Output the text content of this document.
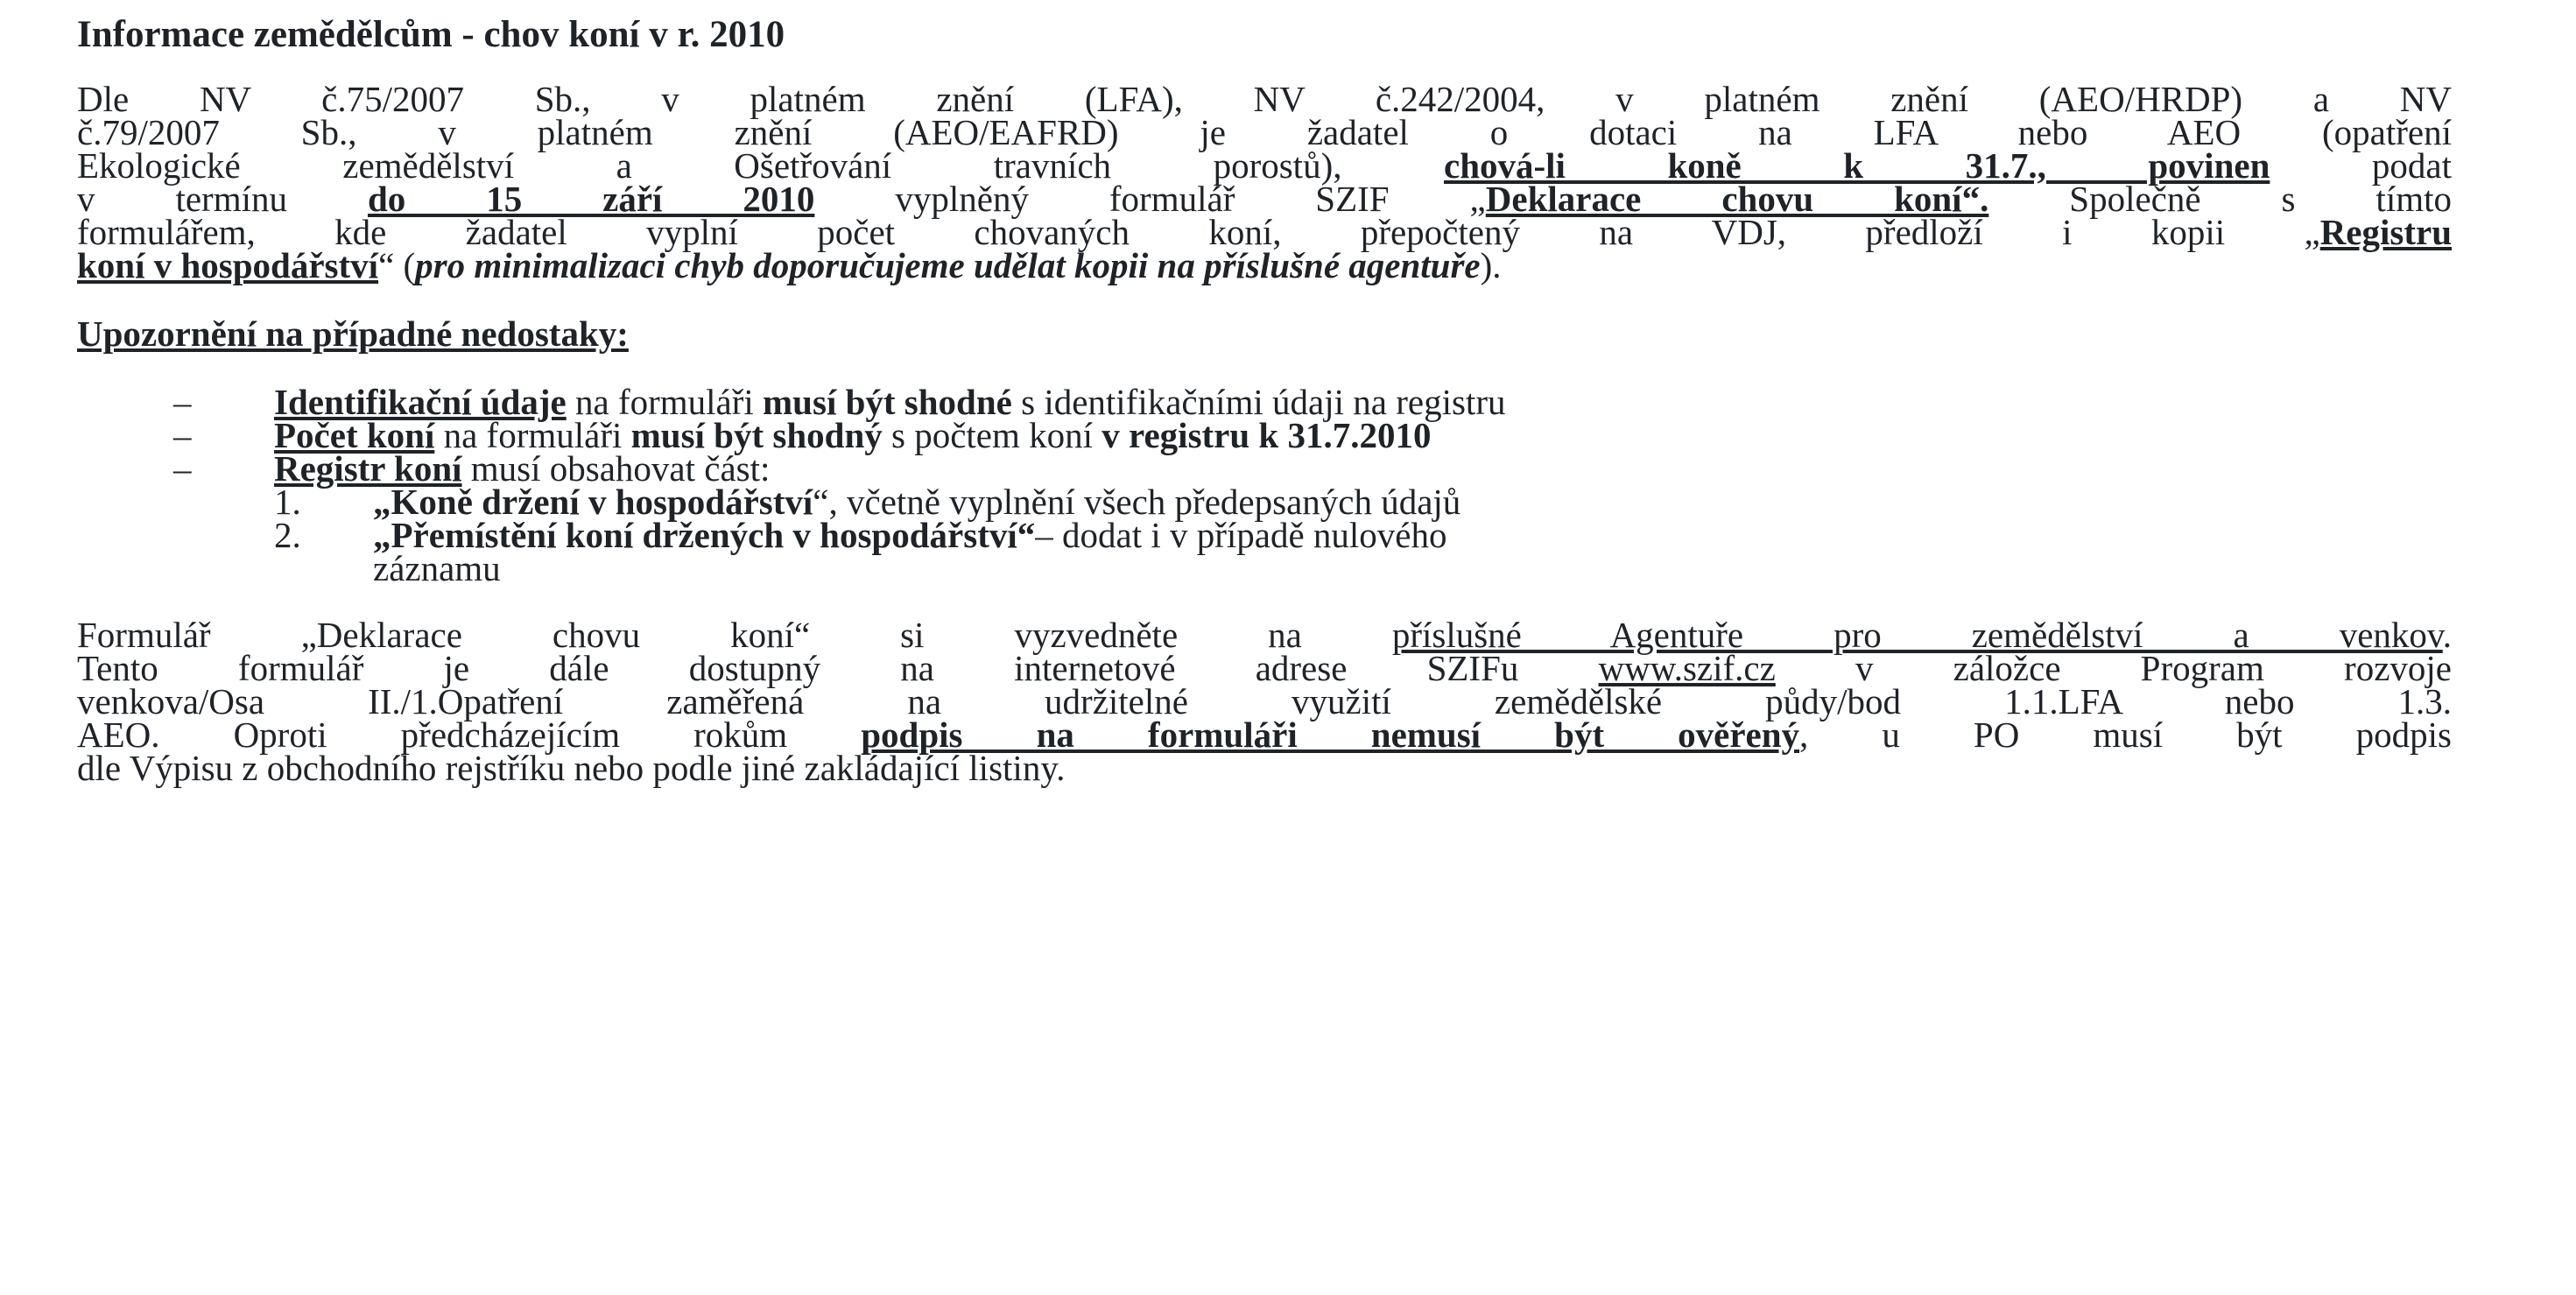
Informace zemědělcům - chov koní v r. 2010

Dle NV č.75/2007 Sb., v platném znění (LFA), NV č.242/2004, v platném znění (AEO/HRDP) a NV

č.79/2007 Sb., v platném znění (AEO/EAFRD) je žadatel o dotaci na LFA nebo AEO (opatření

Ekologické zemědělství a Ošetřování travních porostů), chová-li koně k 31.7., povinen podat

v termínu do 15 září 2010 vyplněný formulář SZIF „Deklarace chovu koní“. Společně s tímto

formulářem, kde žadatel vyplní počet chovaných koní, přepočtený na VDJ, předloží i kopii „Registru

koní v hospodářství“ (pro minimalizaci chyb doporučujeme udělat kopii na příslušné agentuře).

Upozornění na případné nedostaky:
– Identifikační údaje na formuláři musí být shodné s identifikačními údaji na registru
– Počet koní na formuláři musí být shodný s počtem koní v registru k 31.7.2010
– Registr koní musí obsahovat část:
1. „Koně držení v hospodářství“, včetně vyplnění všech předepsaných údajů
2. „Přemístění koní držených v hospodářství“– dodat i v případě nulového
záznamu

Formulář „Deklarace chovu koní“ si vyzvedněte na příslušné Agentuře pro zemědělství a venkov.

Tento formulář je dále dostupný na internetové adrese SZIFu www.szif.cz v záložce Program rozvoje

venkova/Osa II./1.Opatření zaměřená na udržitelné využití zemědělské půdy/bod 1.1.LFA nebo 1.3.

AEO. Oproti předcházejícím rokům podpis na formuláři nemusí být ověřený, u PO musí být podpis

dle Výpisu z obchodního rejstříku nebo podle jiné zakládající listiny.
